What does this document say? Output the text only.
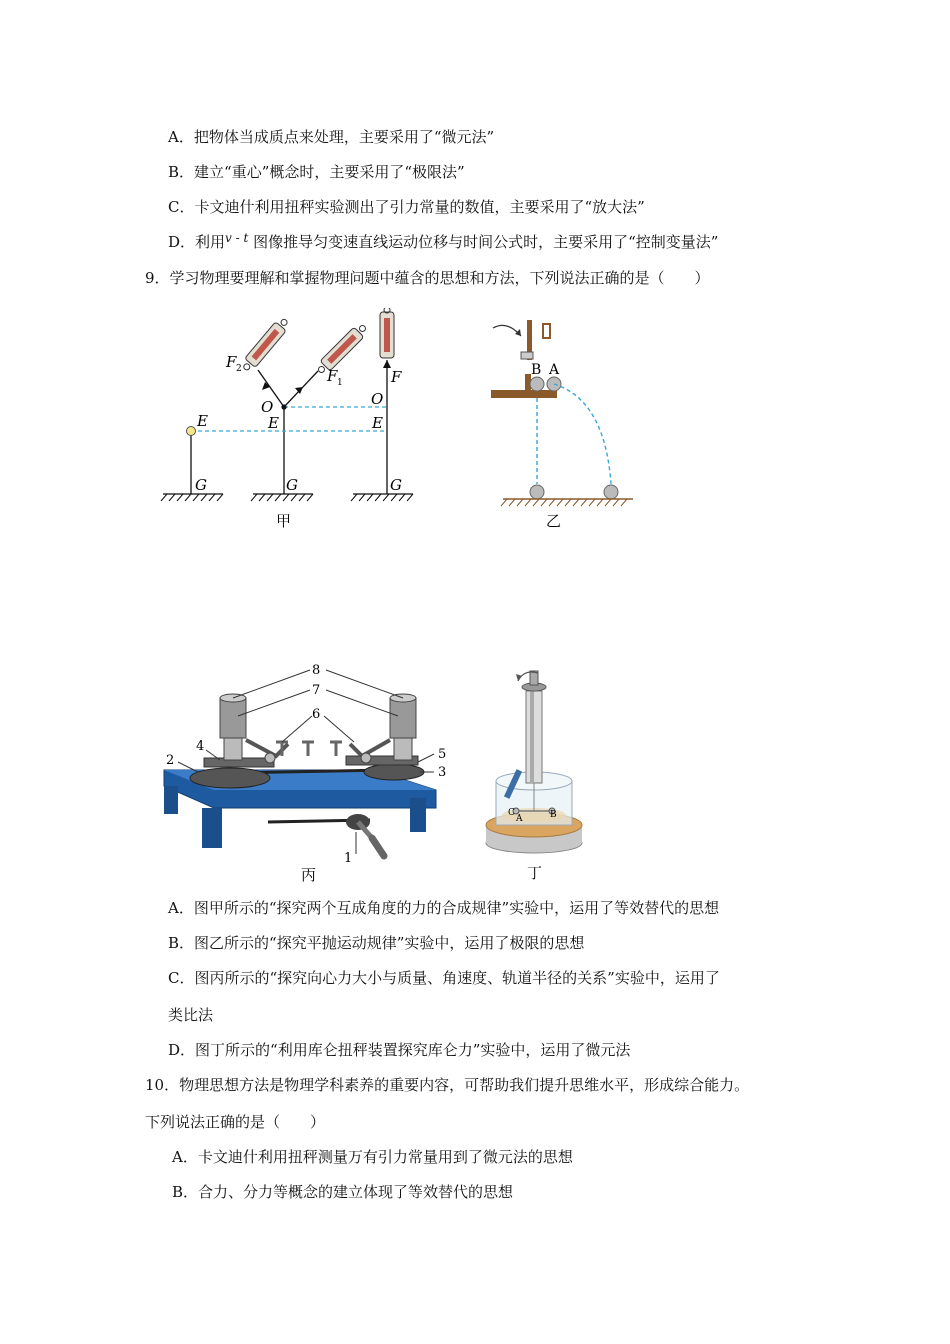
A．把物体当成质点来处理，主要采用了“微元法”
B．建立“重心”概念时，主要采用了“极限法”
C．卡文迪什利用扭秤实验测出了引力常量的数值，主要采用了“放大法”
D．利用$^v$ - $^t$ 图像推导匀变速直线运动位移与时间公式时，主要采用了“控制变量法”
9．学习物理要理解和掌握物理问题中蕴含的思想和方法，下列说法正确的是（　　）
F 2	F 1	F
O	O
E	E	E
G	G	G
甲
B A
乙
8
7
6
4
2	5
3
1
丙
C
A	B
丁
A．图甲所示的“探究两个互成角度的力的合成规律”实验中，运用了等效替代的思想
B．图乙所示的“探究平抛运动规律”实验中，运用了极限的思想
C．图丙所示的“探究向心力大小与质量、角速度、轨道半径的关系”实验中，运用了
类比法
D．图丁所示的“利用库仑扭秤装置探究库仑力”实验中，运用了微元法
10．物理思想方法是物理学科素养的重要内容，可帮助我们提升思维水平，形成综合能力。
下列说法正确的是（　　）
A．卡文迪什利用扭秤测量万有引力常量用到了微元法的思想
B．合力、分力等概念的建立体现了等效替代的思想
